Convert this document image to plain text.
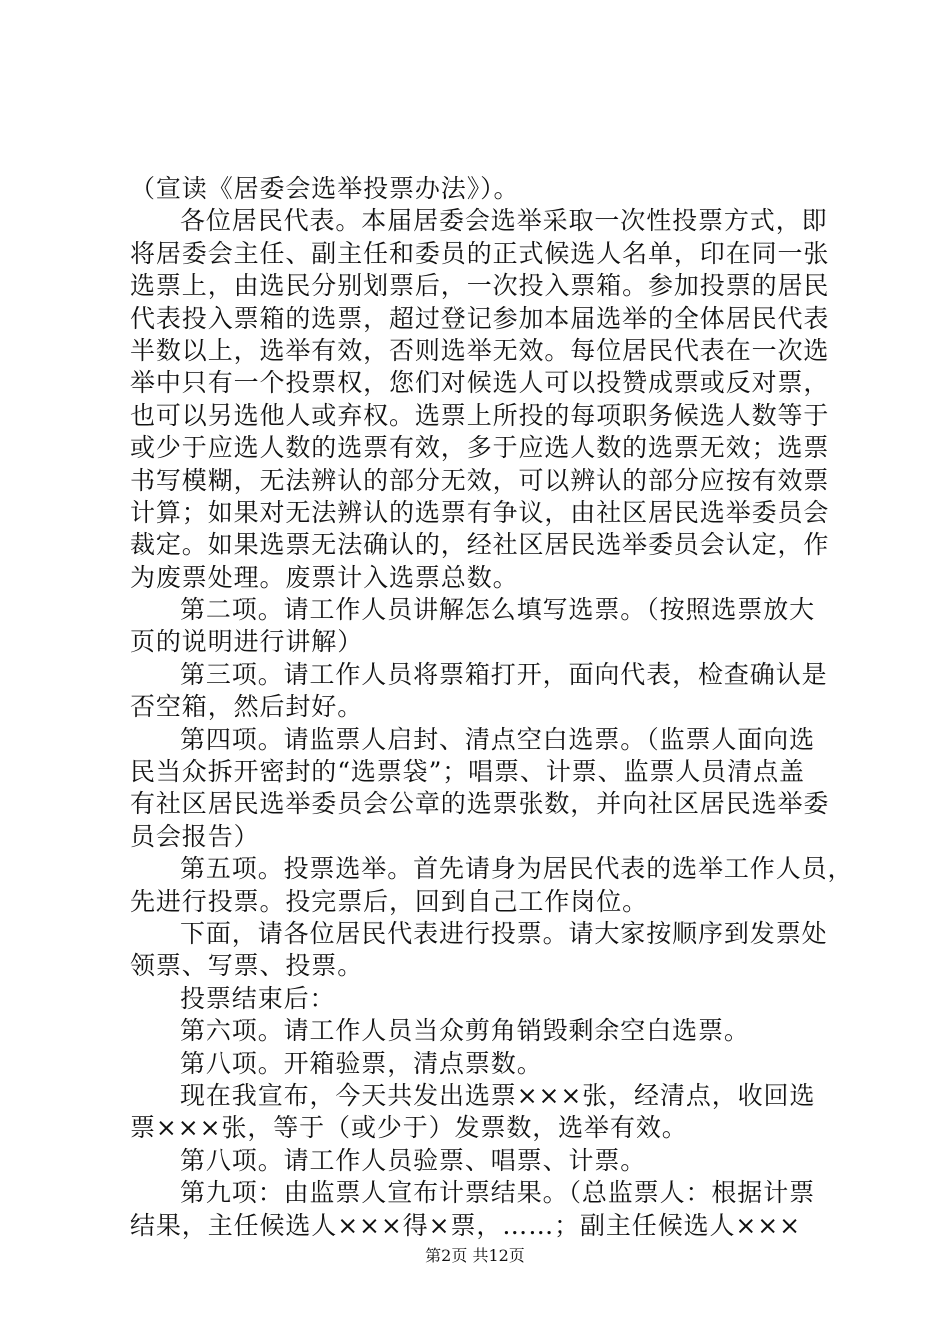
（宣读《居委会选举投票办法》）。
各位居民代表。本届居委会选举采取一次性投票方式，即
将居委会主任、副主任和委员的正式候选人名单，印在同一张
选票上，由选民分别划票后，一次投入票箱。参加投票的居民
代表投入票箱的选票，超过登记参加本届选举的全体居民代表
半数以上，选举有效，否则选举无效。每位居民代表在一次选
举中只有一个投票权，您们对候选人可以投赞成票或反对票，
也可以另选他人或弃权。选票上所投的每项职务候选人数等于
或少于应选人数的选票有效，多于应选人数的选票无效；选票
书写模糊，无法辨认的部分无效，可以辨认的部分应按有效票
计算；如果对无法辨认的选票有争议，由社区居民选举委员会
裁定。如果选票无法确认的，经社区居民选举委员会认定，作
为废票处理。废票计入选票总数。
第二项。请工作人员讲解怎么填写选票。（按照选票放大
页的说明进行讲解）
第三项。请工作人员将票箱打开，面向代表，检查确认是
否空箱，然后封好。
第四项。请监票人启封、清点空白选票。（监票人面向选
民当众拆开密封的“选票袋”；唱票、计票、监票人员清点盖
有社区居民选举委员会公章的选票张数，并向社区居民选举委
员会报告）
第五项。投票选举。首先请身为居民代表的选举工作人员，
先进行投票。投完票后，回到自己工作岗位。
下面，请各位居民代表进行投票。请大家按顺序到发票处
领票、写票、投票。
投票结束后：
第六项。请工作人员当众剪角销毁剩余空白选票。
第八项。开箱验票，清点票数。
现在我宣布，今天共发出选票×××张，经清点，收回选
票×××张，等于（或少于）发票数，选举有效。
第八项。请工作人员验票、唱票、计票。
第九项：由监票人宣布计票结果。（总监票人：根据计票
结果，主任候选人×××得×票，……；副主任候选人×××
第2页 共12页
